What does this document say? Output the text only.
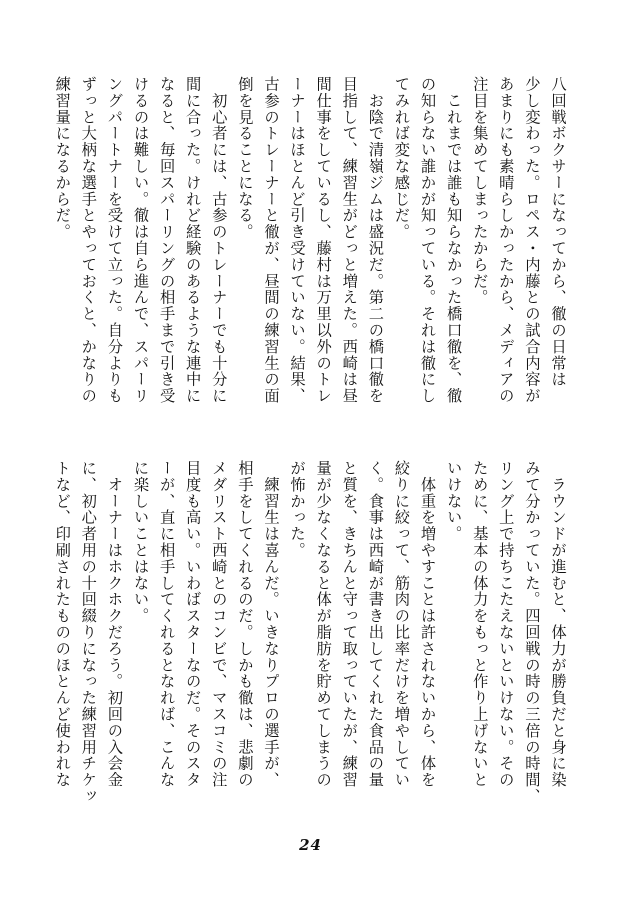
八回戦ボクサーになってから、徹の日常は

少し変わった。ロペス・内藤との試合内容が

あまりにも素晴らしかったから、メディアの

注目を集めてしまったからだ。

　これまでは誰も知らなかった橋口徹を、徹

の知らない誰かが知っている。それは徹にし

てみれば変な感じだ。

　お陰で清嶺ジムは盛況だ。第二の橋口徹を

目指して、練習生がどっと増えた。西崎は昼

間仕事をしているし、藤村は万里以外のトレ

ーナーはほとんど引き受けていない。結果、

古参のトレーナーと徹が、昼間の練習生の面

倒を見ることになる。

　初心者には、古参のトレーナーでも十分に

間に合った。けれど経験のあるような連中に

なると、毎回スパーリングの相手まで引き受

けるのは難しい。徹は自ら進んで、スパーリ

ングパートナーを受けて立った。自分よりも

ずっと大柄な選手とやっておくと、かなりの

練習量になるからだ。

　ラウンドが進むと、体力が勝負だと身に染

みて分かっていた。四回戦の時の三倍の時間、

リング上で持ちこたえないといけない。その

ために、基本の体力をもっと作り上げないと

いけない。

　体重を増やすことは許されないから、体を

絞りに絞って、筋肉の比率だけを増やしてい

く。食事は西崎が書き出してくれた食品の量

と質を、きちんと守って取っていたが、練習

量が少なくなると体が脂肪を貯めてしまうの

が怖かった。

　練習生は喜んだ。いきなりプロの選手が、

相手をしてくれるのだ。しかも徹は、悲劇の

メダリスト西崎とのコンビで、マスコミの注

目度も高い。いわばスターなのだ。そのスタ

ーが、直に相手してくれるとなれば、こんな

に楽しいことはない。

　オーナーはホクホクだろう。初回の入会金

に、初心者用の十回綴りになった練習用チケッ

トなど、印刷されたもののほとんど使われな

24
